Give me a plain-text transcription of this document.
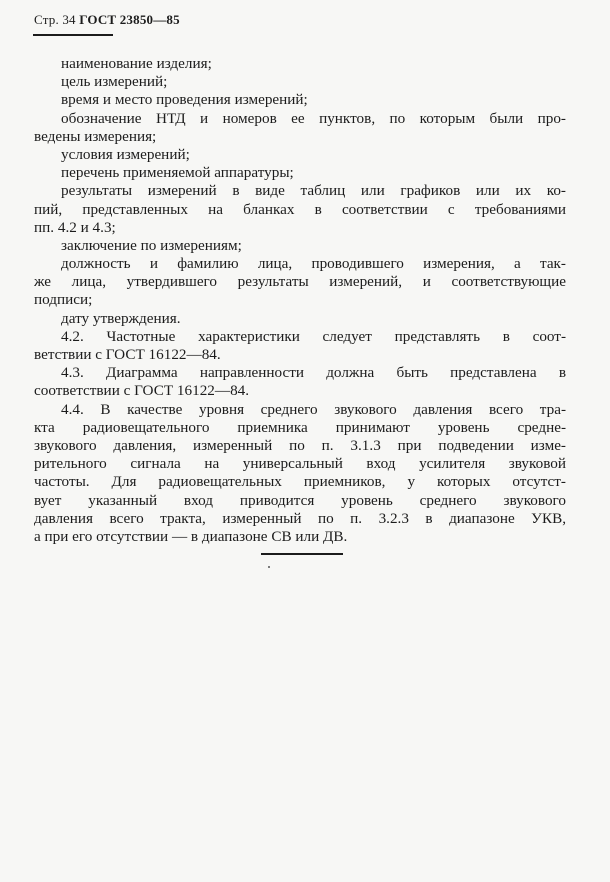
Стр. 34 ГОСТ 23850—85
наименование изделия;
цель измерений;
время и место проведения измерений;
обозначение НТД и номеров ее пунктов, по которым были про-
ведены измерения;
условия измерений;
перечень применяемой аппаратуры;
результаты измерений в виде таблиц или графиков или их ко-
пий, представленных на бланках в соответствии с требованиями
пп. 4.2 и 4.3;
заключение по измерениям;
должность и фамилию лица, проводившего измерения, а так-
же лица, утвердившего результаты измерений, и соответствующие
подписи;
дату утверждения.
4.2. Частотные характеристики следует представлять в соот-
ветствии с ГОСТ 16122—84.
4.3. Диаграмма направленности должна быть представлена в
соответствии с ГОСТ 16122—84.
4.4. В качестве уровня среднего звукового давления всего тра-
кта радиовещательного приемника принимают уровень средне-
звукового давления, измеренный по п. 3.1.3 при подведении изме-
рительного сигнала на универсальный вход усилителя звуковой
частоты. Для радиовещательных приемников, у которых отсутст-
вует указанный вход приводится уровень среднего звукового
давления всего тракта, измеренный по п. 3.2.3 в диапазоне УКВ,
а при его отсутствии — в диапазоне СВ или ДВ.
